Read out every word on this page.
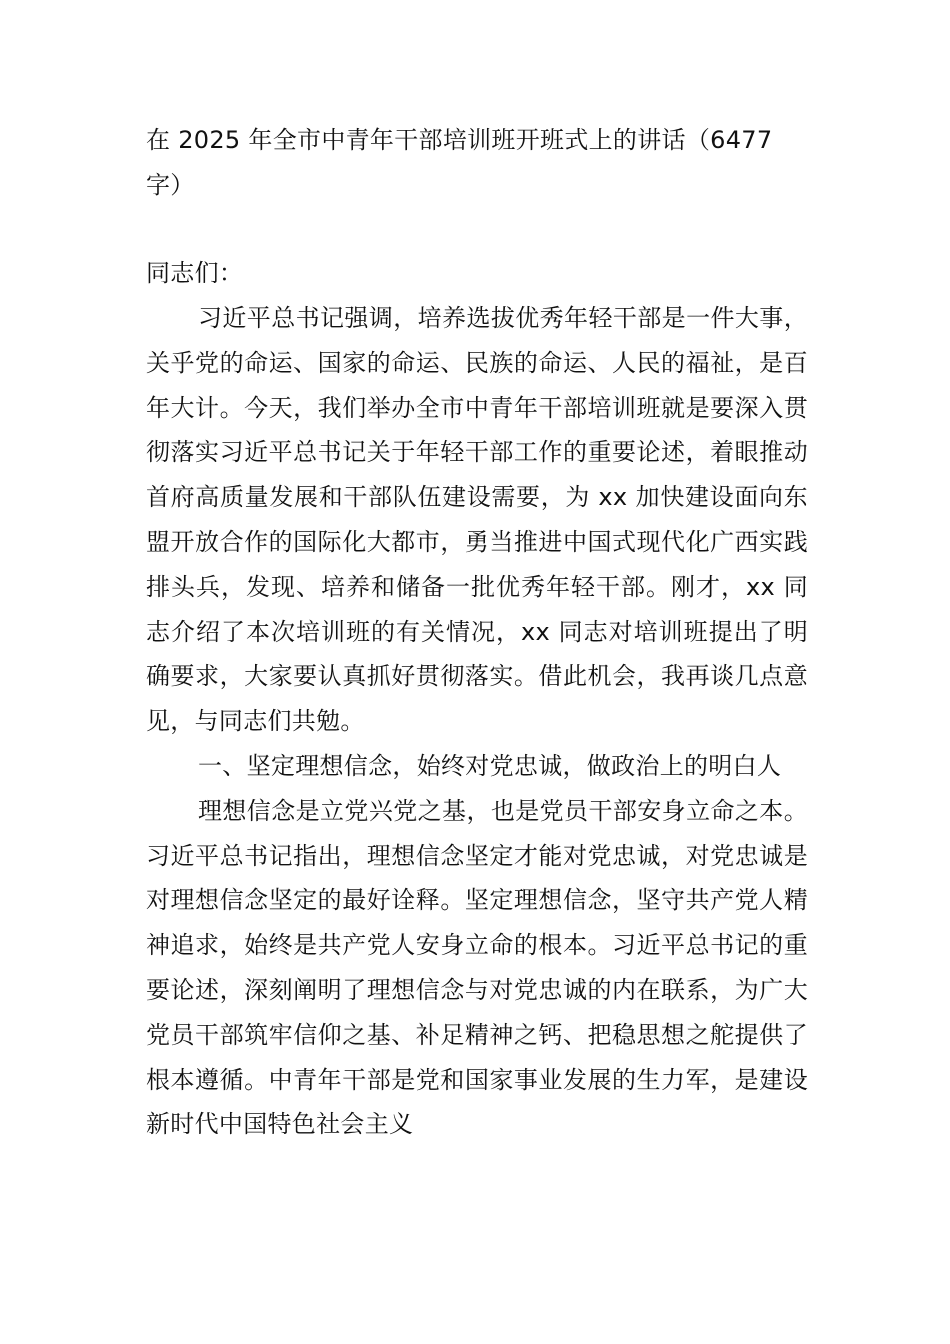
在 2025 年全市中青年干部培训班开班式上的讲话（6477 字）
同志们：

习近平总书记强调，培养选拔优秀年轻干部是一件大事，关乎党的命运、国家的命运、民族的命运、人民的福祉，是百年大计。今天，我们举办全市中青年干部培训班就是要深入贯彻落实习近平总书记关于年轻干部工作的重要论述，着眼推动首府高质量发展和干部队伍建设需要，为 xx 加快建设面向东盟开放合作的国际化大都市，勇当推进中国式现代化广西实践排头兵，发现、培养和储备一批优秀年轻干部。刚才，xx 同志介绍了本次培训班的有关情况，xx 同志对培训班提出了明确要求，大家要认真抓好贯彻落实。借此机会，我再谈几点意见，与同志们共勉。

一、坚定理想信念，始终对党忠诚，做政治上的明白人

理想信念是立党兴党之基，也是党员干部安身立命之本。习近平总书记指出，理想信念坚定才能对党忠诚，对党忠诚是对理想信念坚定的最好诠释。坚定理想信念，坚守共产党人精神追求，始终是共产党人安身立命的根本。习近平总书记的重要论述，深刻阐明了理想信念与对党忠诚的内在联系，为广大党员干部筑牢信仰之基、补足精神之钙、把稳思想之舵提供了根本遵循。中青年干部是党和国家事业发展的生力军，是建设新时代中国特色社会主义
